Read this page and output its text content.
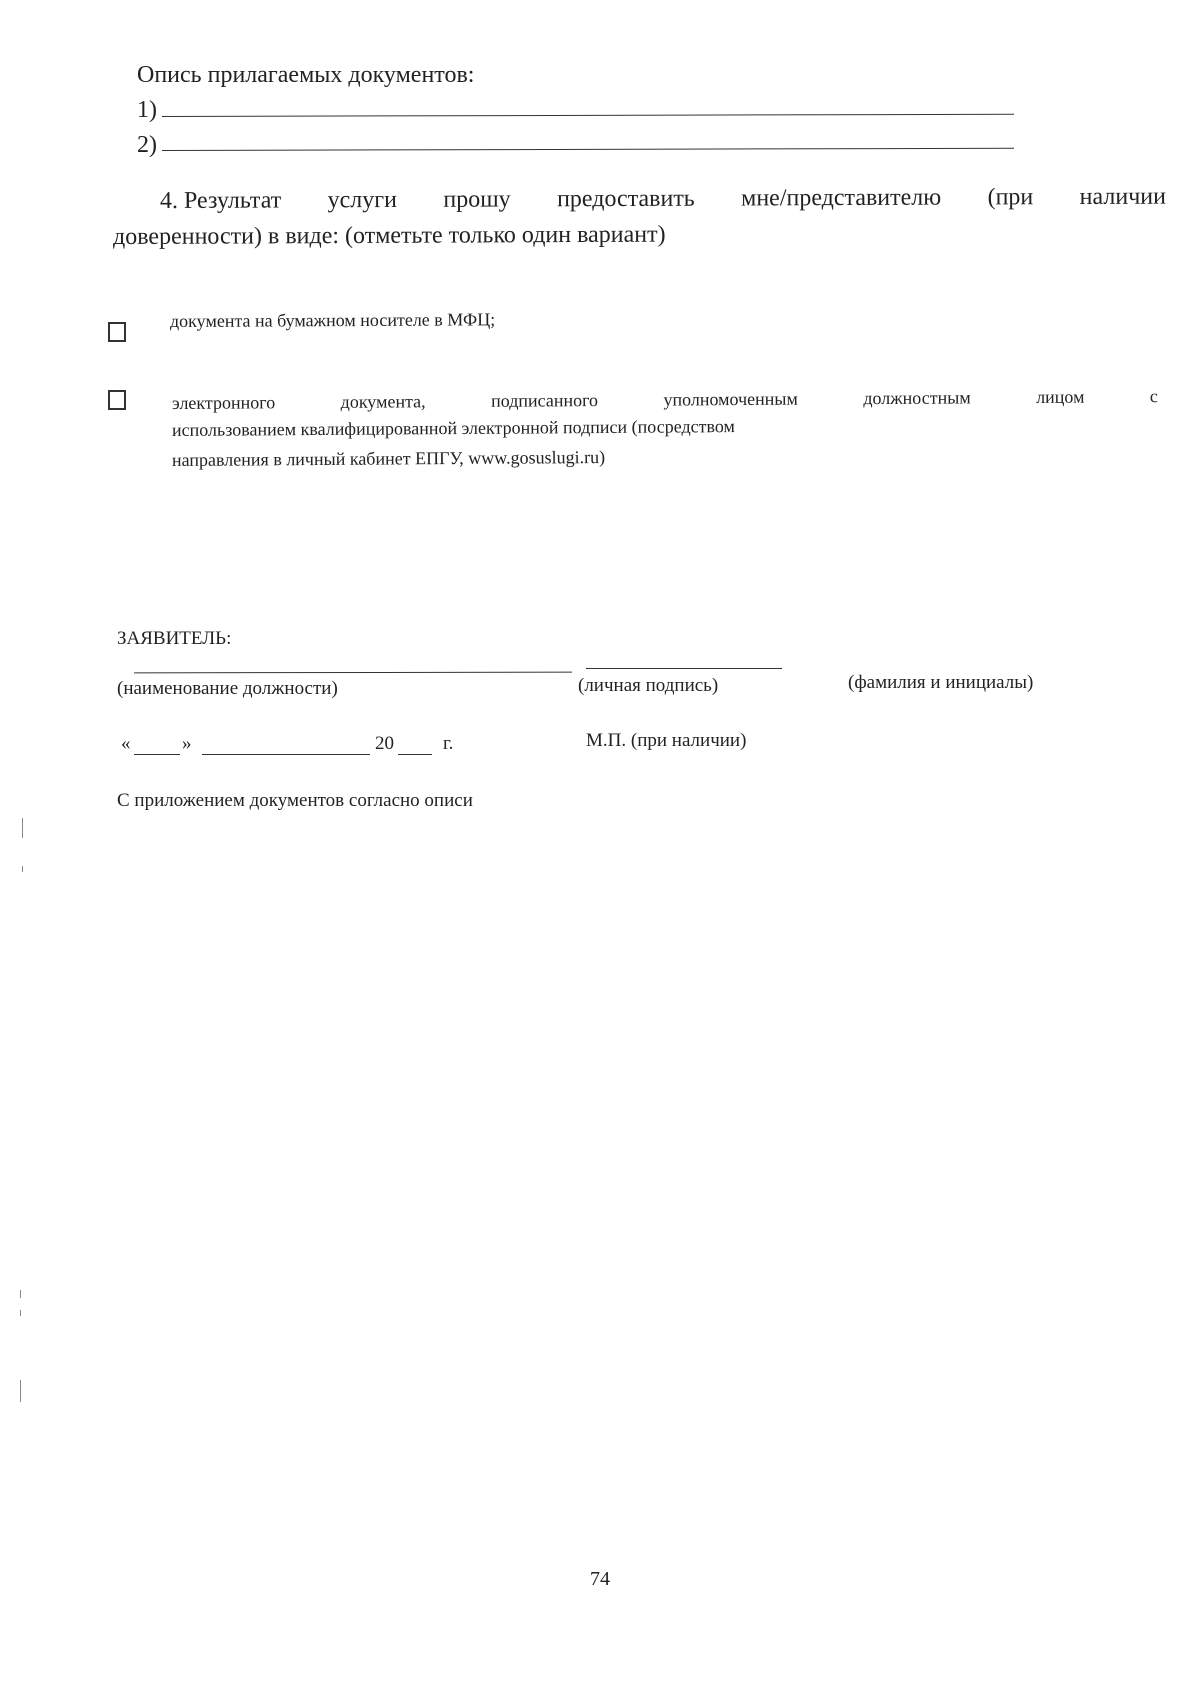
Опись прилагаемых документов:
1)
2)
4. Результат услуги прошу предоставить мне/представителю (при наличии
доверенности) в виде: (отметьте только один вариант)
документа на бумажном носителе в МФЦ;
электронного	документа,	подписанного	уполномоченным	должностным	лицом	с
использованием квалифицированной электронной подписи (посредством
направления в личный кабинет ЕПГУ, www.gosuslugi.ru)
ЗАЯВИТЕЛЬ:
(наименование должности)	(личная подпись)	(фамилия и инициалы)
«	»	20	г.	М.П. (при наличии)
С приложением документов согласно описи
74
